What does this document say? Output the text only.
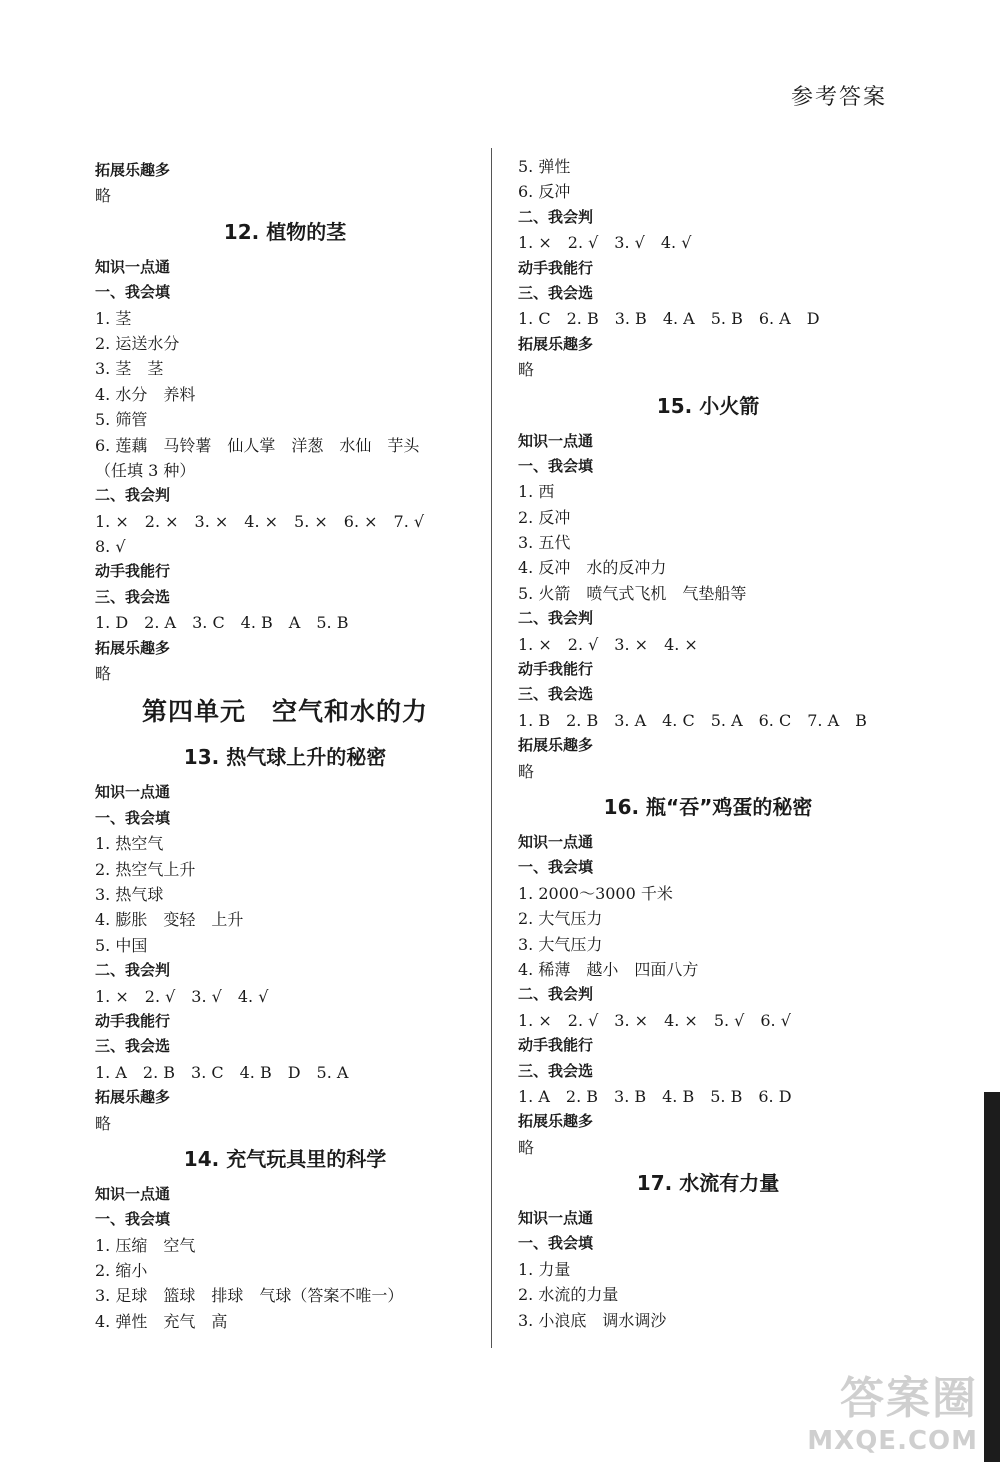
参考答案
拓展乐趣多
略
12. 植物的茎
知识一点通
一、我会填
1. 茎
2. 运送水分
3. 茎　茎
4. 水分　养料
5. 筛管
6. 莲藕　马铃薯　仙人掌　洋葱　水仙　芋头
（任填 3 种）
二、我会判
1. ×　2. ×　3. ×　4. ×　5. ×　6. ×　7. √
8. √
动手我能行
三、我会选
1. D　2. A　3. C　4. B　A　5. B
拓展乐趣多
略
第四单元　空气和水的力
13. 热气球上升的秘密
知识一点通
一、我会填
1. 热空气
2. 热空气上升
3. 热气球
4. 膨胀　变轻　上升
5. 中国
二、我会判
1. ×　2. √　3. √　4. √
动手我能行
三、我会选
1. A　2. B　3. C　4. B　D　5. A
拓展乐趣多
略
14. 充气玩具里的科学
知识一点通
一、我会填
1. 压缩　空气
2. 缩小
3. 足球　篮球　排球　气球（答案不唯一）
4. 弹性　充气　高
5. 弹性
6. 反冲
二、我会判
1. ×　2. √　3. √　4. √
动手我能行
三、我会选
1. C　2. B　3. B　4. A　5. B　6. A　D
拓展乐趣多
略
15. 小火箭
知识一点通
一、我会填
1. 西
2. 反冲
3. 五代
4. 反冲　水的反冲力
5. 火箭　喷气式飞机　气垫船等
二、我会判
1. ×　2. √　3. ×　4. ×
动手我能行
三、我会选
1. B　2. B　3. A　4. C　5. A　6. C　7. A　B
拓展乐趣多
略
16. 瓶“吞”鸡蛋的秘密
知识一点通
一、我会填
1. 2000～3000 千米
2. 大气压力
3. 大气压力
4. 稀薄　越小　四面八方
二、我会判
1. ×　2. √　3. ×　4. ×　5. √　6. √
动手我能行
三、我会选
1. A　2. B　3. B　4. B　5. B　6. D
拓展乐趣多
略
17. 水流有力量
知识一点通
一、我会填
1. 力量
2. 水流的力量
3. 小浪底　调水调沙
答案圈
MXQE.COM
